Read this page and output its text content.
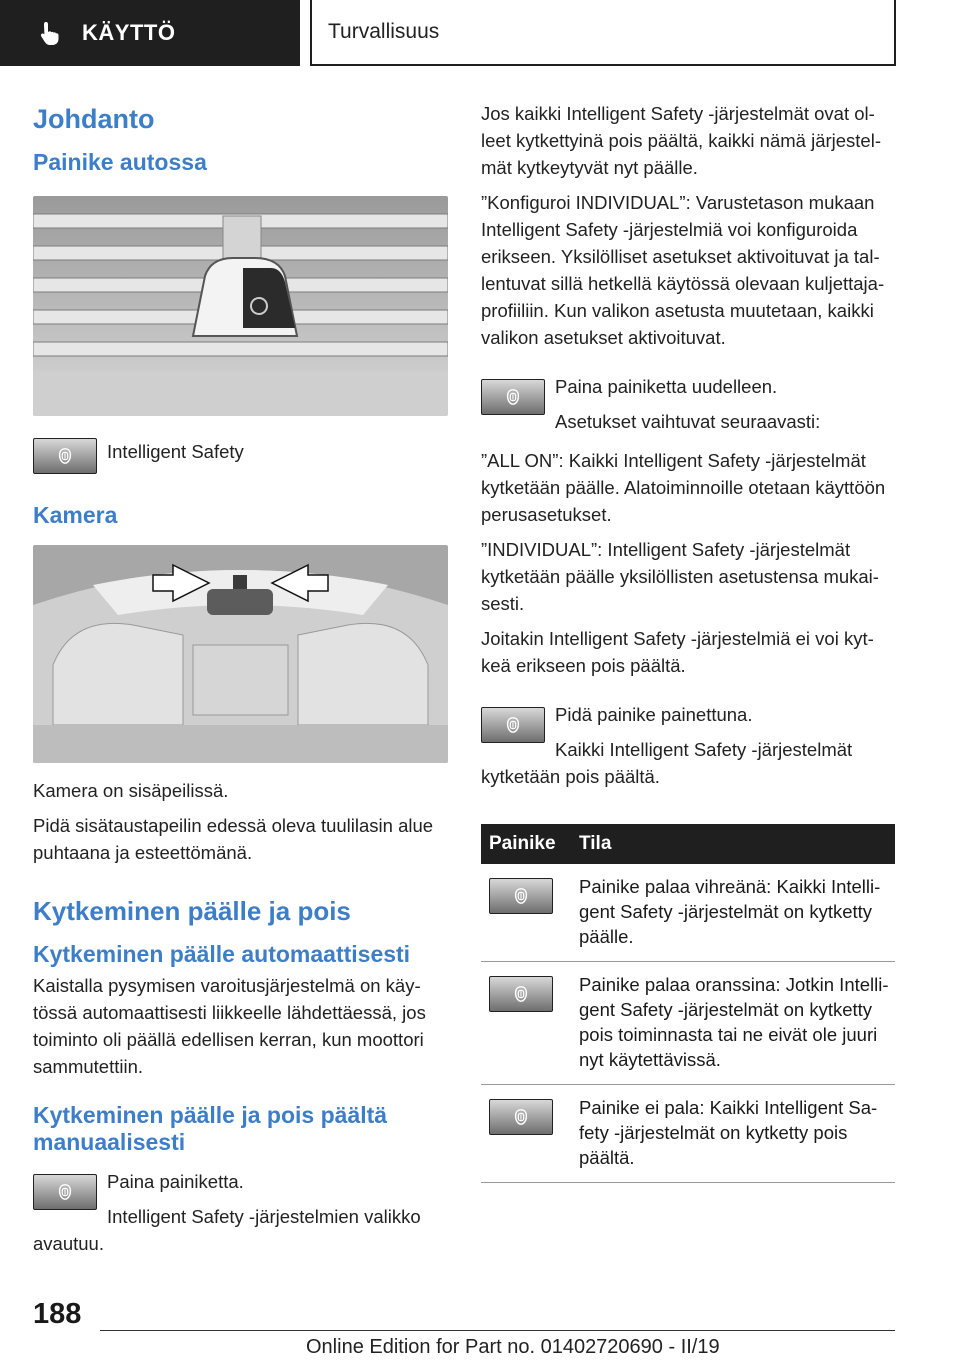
KÄYTTÖ	Turvallisuus
Johdanto
Painike autossa

Intelligent Safety

Kamera

Kamera on sisäpeilissä.

Pidä sisätaustapeilin edessä oleva tuulilasin alue puhtaana ja esteettömänä.

Kytkeminen päälle ja pois
Kytkeminen päälle automaattisesti

Kaistalla pysymisen varoitusjärjestelmä on käy-tössä automaattisesti liikkeelle lähdettäessä, jos toiminto oli päällä edellisen kerran, kun moottori sammutettiin.

Kytkeminen päälle ja pois päältä manuaalisesti

Paina painiketta.

Intelligent Safety -järjestelmien valikko avautuu.

Jos kaikki Intelligent Safety -järjestelmät ovat ol-leet kytkettyinä pois päältä, kaikki nämä järjestel-mät kytkeytyvät nyt päälle.

”Konfiguroi INDIVIDUAL”: Varustetason mukaan Intelligent Safety -järjestelmiä voi konfiguroida erikseen. Yksilölliset asetukset aktivoituvat ja tal-lentuvat sillä hetkellä käytössä olevaan kuljettaja-profiiliin. Kun valikon asetusta muutetaan, kaikki valikon asetukset aktivoituvat.

Paina painiketta uudelleen.

Asetukset vaihtuvat seuraavasti:

”ALL ON”: Kaikki Intelligent Safety -järjestelmät kytketään päälle. Alatoiminnoille otetaan käyttöön perusasetukset.

”INDIVIDUAL”: Intelligent Safety -järjestelmät kytketään päälle yksilöllisten asetustensa mukai-sesti.

Joitakin Intelligent Safety -järjestelmiä ei voi kyt-keä erikseen pois päältä.

Pidä painike painettuna.

Kaikki Intelligent Safety -järjestelmät kytketään pois päältä.

Painike	Tila

	Painike palaa vihreänä: Kaikki Intelli-gent Safety -järjestelmät on kytketty päälle.

	Painike palaa oranssina: Jotkin Intelli-gent Safety -järjestelmät on kytketty pois toiminnasta tai ne eivät ole juuri nyt käytettävissä.

	Painike ei pala: Kaikki Intelligent Sa-fety -järjestelmät on kytketty pois päältä.
188
Online Edition for Part no. 01402720690 - II/19
